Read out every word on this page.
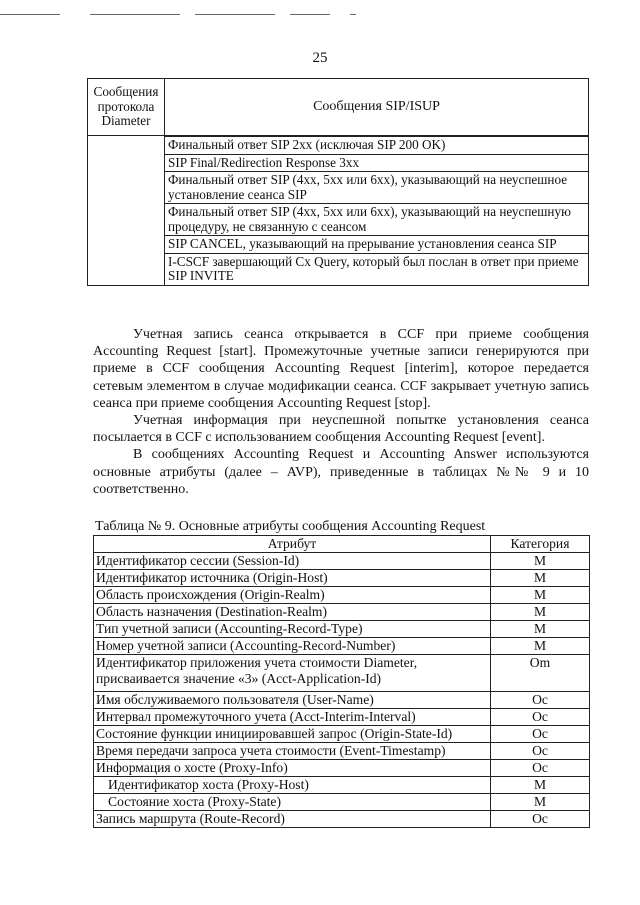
25
Сообщения протокола Diameter	Сообщения SIP/ISUP

	Финальный ответ SIP 2xx (исключая SIP 200 OK)
	SIP Final/Redirection Response 3xx
	Финальный ответ SIP (4xx, 5xx или 6xx), указывающий на неуспешное установление сеанса SIP
	Финальный ответ SIP (4xx, 5xx или 6xx), указывающий на неуспешную процедуру, не связанную с сеансом
	SIP CANCEL, указывающий на прерывание установления сеанса SIP
	I-CSCF завершающий Cx Query, который был послан в ответ при приеме SIP INVITE

Учетная запись сеанса открывается в CCF при приеме сообщения Accounting Request [start]. Промежуточные учетные записи генерируются при приеме в CCF сообщения Accounting Request [interim], которое передается сетевым элементом в случае модификации сеанса. CCF закрывает учетную запись сеанса при приеме сообщения Accounting Request [stop].

Учетная информация при неуспешной попытке установления сеанса посылается в CCF с использованием сообщения Accounting Request [event].

В сообщениях Accounting Request и Accounting Answer используются основные атрибуты (далее – AVP), приведенные в таблицах №№ 9 и 10 соответственно.

Таблица № 9. Основные атрибуты сообщения Accounting Request
Атрибут	Категория
Идентификатор сессии (Session-Id)	M
Идентификатор источника (Origin-Host)	M
Область происхождения (Origin-Realm)	M
Область назначения (Destination-Realm)	M
Тип учетной записи (Accounting-Record-Type)	M
Номер учетной записи (Accounting-Record-Number)	M
Идентификатор приложения учета стоимости Diameter, присваивается значение «3» (Acct-Application-Id)	Om
Имя обслуживаемого пользователя (User-Name)	Oc
Интервал промежуточного учета (Acct-Interim-Interval)	Oc
Состояние функции инициировавшей запрос (Origin-State-Id)	Oc
Время передачи запроса учета стоимости (Event-Timestamp)	Oc
Информация о хосте (Proxy-Info)	Oc
Идентификатор хоста (Proxy-Host)	M
Состояние хоста (Proxy-State)	M
Запись маршрута (Route-Record)	Oc
